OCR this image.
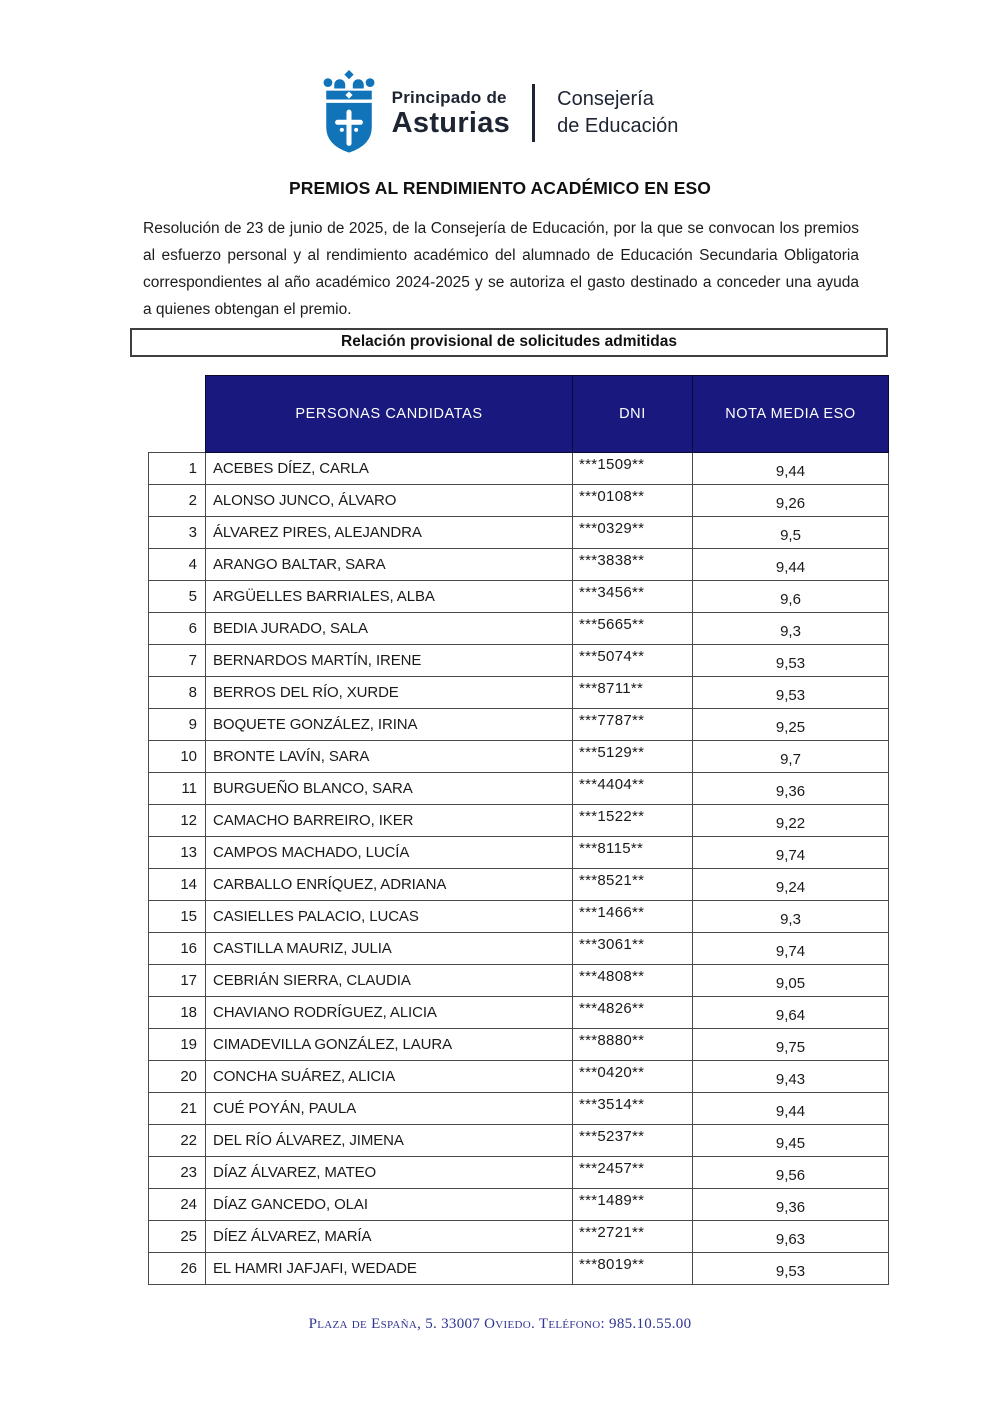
Principado de
Asturias
Consejería
de Educación
PREMIOS AL RENDIMIENTO ACADÉMICO EN ESO

Resolución de 23 de junio de 2025, de la Consejería de Educación, por la que se convocan los premios al esfuerzo personal y al rendimiento académico del alumnado de Educación Secundaria Obligatoria correspondientes al año académico 2024-2025 y se autoriza el gasto destinado a conceder una ayuda a quienes obtengan el premio.

Relación provisional de solicitudes admitidas
	PERSONAS CANDIDATAS	DNI	NOTA MEDIA ESO
1	ACEBES DÍEZ, CARLA	***1509**	9,44
2	ALONSO JUNCO, ÁLVARO	***0108**	9,26
3	ÁLVAREZ PIRES, ALEJANDRA	***0329**	9,5
4	ARANGO BALTAR, SARA	***3838**	9,44
5	ARGÜELLES BARRIALES, ALBA	***3456**	9,6
6	BEDIA JURADO, SALA	***5665**	9,3
7	BERNARDOS MARTÍN, IRENE	***5074**	9,53
8	BERROS DEL RÍO, XURDE	***8711**	9,53
9	BOQUETE GONZÁLEZ, IRINA	***7787**	9,25
10	BRONTE LAVÍN, SARA	***5129**	9,7
11	BURGUEÑO BLANCO, SARA	***4404**	9,36
12	CAMACHO BARREIRO, IKER	***1522**	9,22
13	CAMPOS MACHADO, LUCÍA	***8115**	9,74
14	CARBALLO ENRÍQUEZ, ADRIANA	***8521**	9,24
15	CASIELLES PALACIO, LUCAS	***1466**	9,3
16	CASTILLA MAURIZ, JULIA	***3061**	9,74
17	CEBRIÁN SIERRA, CLAUDIA	***4808**	9,05
18	CHAVIANO RODRÍGUEZ, ALICIA	***4826**	9,64
19	CIMADEVILLA GONZÁLEZ, LAURA	***8880**	9,75
20	CONCHA SUÁREZ, ALICIA	***0420**	9,43
21	CUÉ POYÁN, PAULA	***3514**	9,44
22	DEL RÍO ÁLVAREZ, JIMENA	***5237**	9,45
23	DÍAZ ÁLVAREZ, MATEO	***2457**	9,56
24	DÍAZ GANCEDO, OLAI	***1489**	9,36
25	DÍEZ ÁLVAREZ, MARÍA	***2721**	9,63
26	EL HAMRI JAFJAFI, WEDADE	***8019**	9,53
Plaza de España, 5. 33007 Oviedo. Teléfono: 985.10.55.00
